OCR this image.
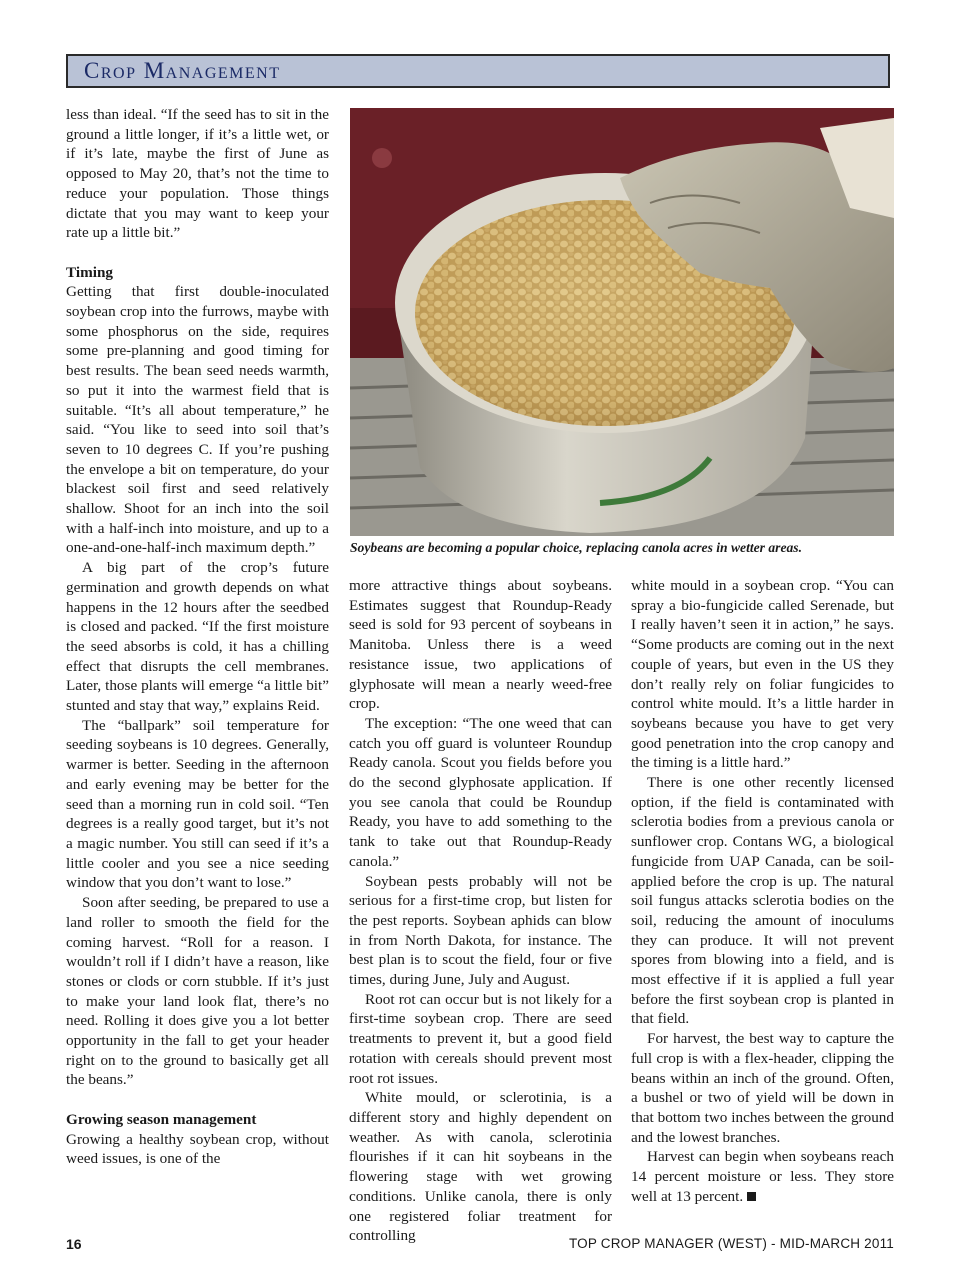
Crop Management

less than ideal. “If the seed has to sit in the ground a little longer, if it’s a little wet, or if it’s late, maybe the first of June as opposed to May 20, that’s not the time to reduce your population. Those things dictate that you may want to keep your rate up a little bit.”

Timing

Getting that first double-inoculated soybean crop into the furrows, maybe with some phosphorus on the side, requires some pre-planning and good timing for best results. The bean seed needs warmth, so put it into the warmest field that is suitable. “It’s all about temperature,” he said. “You like to seed into soil that’s seven to 10 degrees C. If you’re pushing the envelope a bit on temperature, do your blackest soil first and seed relatively shallow. Shoot for an inch into the soil with a half-inch into moisture, and up to a one-and-one-half-inch maximum depth.”

A big part of the crop’s future germination and growth depends on what happens in the 12 hours after the seedbed is closed and packed. “If the first moisture the seed absorbs is cold, it has a chilling effect that disrupts the cell membranes. Later, those plants will emerge “a little bit” stunted and stay that way,” explains Reid.

The “ballpark” soil temperature for seeding soybeans is 10 degrees. Generally, warmer is better. Seeding in the afternoon and early evening may be better for the seed than a morning run in cold soil. “Ten degrees is a really good target, but it’s not a magic number. You still can seed if it’s a little cooler and you see a nice seeding window that you don’t want to lose.”

Soon after seeding, be prepared to use a land roller to smooth the field for the coming harvest. “Roll for a reason. I wouldn’t roll if I didn’t have a reason, like stones or clods or corn stubble. If it’s just to make your land look flat, there’s no need. Rolling it does give you a lot better opportunity in the fall to get your header right on to the ground to basically get all the beans.”

Growing season management

Growing a healthy soybean crop, without weed issues, is one of the

Soybeans are becoming a popular choice, replacing canola acres in wetter areas.

more attractive things about soybeans. Estimates suggest that Roundup-Ready seed is sold for 93 percent of soybeans in Manitoba. Unless there is a weed resistance issue, two applications of glyphosate will mean a nearly weed-free crop.

The exception: “The one weed that can catch you off guard is volunteer Roundup Ready canola. Scout you fields before you do the second glyphosate application. If you see canola that could be Roundup Ready, you have to add something to the tank to take out that Roundup-Ready canola.”

Soybean pests probably will not be serious for a first-time crop, but listen for the pest reports. Soybean aphids can blow in from North Dakota, for instance. The best plan is to scout the field, four or five times, during June, July and August.

Root rot can occur but is not likely for a first-time soybean crop. There are seed treatments to prevent it, but a good field rotation with cereals should prevent most root rot issues.

White mould, or sclerotinia, is a different story and highly dependent on weather. As with canola, sclerotinia flourishes if it can hit soybeans in the flowering stage with wet growing conditions. Unlike canola, there is only one registered foliar treatment for controlling

white mould in a soybean crop. “You can spray a bio-fungicide called Serenade, but I really haven’t seen it in action,” he says. “Some products are coming out in the next couple of years, but even in the US they don’t really rely on foliar fungicides to control white mould. It’s a little harder in soybeans because you have to get very good penetration into the crop canopy and the timing is a little hard.”

There is one other recently licensed option, if the field is contaminated with sclerotia bodies from a previous canola or sunflower crop. Contans WG, a biological fungicide from UAP Canada, can be soil-applied before the crop is up. The natural soil fungus attacks sclerotia bodies on the soil, reducing the amount of inoculums they can produce. It will not prevent spores from blowing into a field, and is most effective if it is applied a full year before the first soybean crop is planted in that field.

For harvest, the best way to capture the full crop is with a flex-header, clipping the beans within an inch of the ground. Often, a bushel or two of yield will be down in that bottom two inches between the ground and the lowest branches.

Harvest can begin when soybeans reach 14 percent moisture or less. They store well at 13 percent.

16	TOP CROP MANAGER (WEST) - MID-MARCH 2011
